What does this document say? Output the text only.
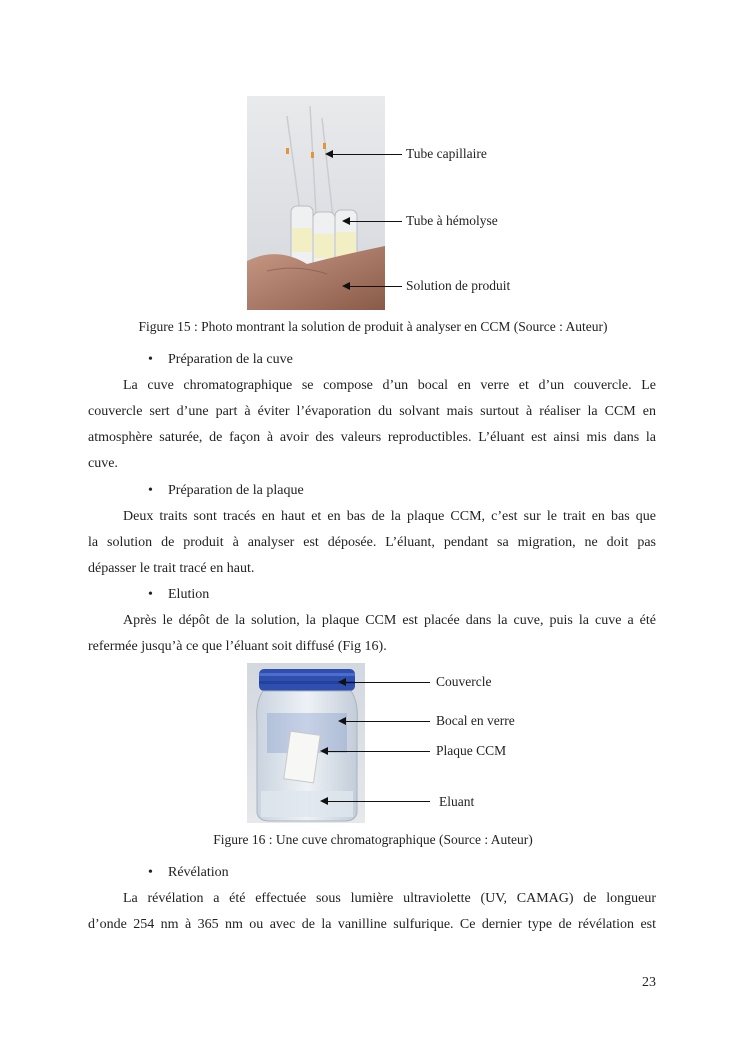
Tube capillaire
Tube à hémolyse
Solution de produit
Figure 15 : Photo montrant la solution de produit à analyser en CCM (Source : Auteur)
•	Préparation de la cuve
La cuve chromatographique se compose d’un bocal en verre et d’un couvercle. Le
couvercle sert d’une part à éviter l’évaporation du solvant mais surtout à réaliser la CCM en
atmosphère saturée, de façon à avoir des valeurs reproductibles. L’éluant est ainsi mis dans la
cuve.
•	Préparation de la plaque
Deux traits sont tracés en haut et en bas de la plaque CCM, c’est sur le trait en bas que
la solution de produit à analyser est déposée. L’éluant, pendant sa migration, ne doit pas
dépasser le trait tracé en haut.
•	Elution
Après le dépôt de la solution, la plaque CCM est placée dans la cuve, puis la cuve a été
refermée jusqu’à ce que l’éluant soit diffusé (Fig 16).
Couvercle
Bocal en verre
Plaque CCM
Eluant
Figure 16 : Une cuve chromatographique (Source : Auteur)
•	Révélation
La révélation a été effectuée sous lumière ultraviolette (UV, CAMAG) de longueur
d’onde 254 nm à 365 nm ou avec de la vanilline sulfurique. Ce dernier type de révélation est
23
